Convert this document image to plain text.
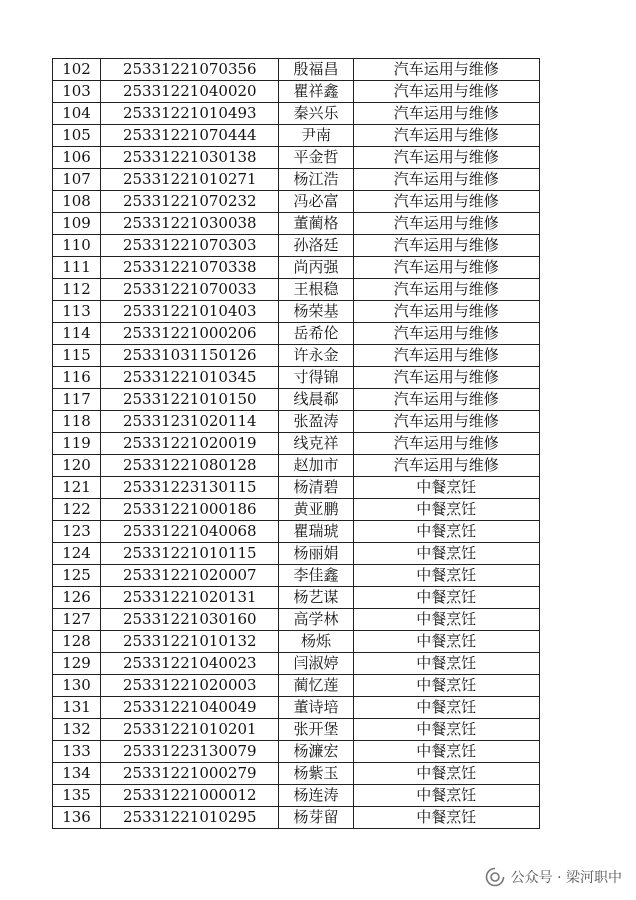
102	25331221070356	殷福昌	汽车运用与维修
103	25331221040020	瞿祥鑫	汽车运用与维修
104	25331221010493	秦兴乐	汽车运用与维修
105	25331221070444	尹南	汽车运用与维修
106	25331221030138	平金哲	汽车运用与维修
107	25331221010271	杨江浩	汽车运用与维修
108	25331221070232	冯必富	汽车运用与维修
109	25331221030038	董蔺格	汽车运用与维修
110	25331221070303	孙洛廷	汽车运用与维修
111	25331221070338	尚丙强	汽车运用与维修
112	25331221070033	王根稳	汽车运用与维修
113	25331221010403	杨荣基	汽车运用与维修
114	25331221000206	岳希伦	汽车运用与维修
115	25331031150126	许永金	汽车运用与维修
116	25331221010345	寸得锦	汽车运用与维修
117	25331221010150	线晨郗	汽车运用与维修
118	25331231020114	张盈涛	汽车运用与维修
119	25331221020019	线克祥	汽车运用与维修
120	25331221080128	赵加市	汽车运用与维修
121	25331223130115	杨清碧	中餐烹饪
122	25331221000186	黄亚鹏	中餐烹饪
123	25331221040068	瞿瑞琥	中餐烹饪
124	25331221010115	杨丽娟	中餐烹饪
125	25331221020007	李佳鑫	中餐烹饪
126	25331221020131	杨艺谋	中餐烹饪
127	25331221030160	高学林	中餐烹饪
128	25331221010132	杨烁	中餐烹饪
129	25331221040023	闫淑婷	中餐烹饪
130	25331221020003	蔺忆莲	中餐烹饪
131	25331221040049	董诗培	中餐烹饪
132	25331221010201	张开堡	中餐烹饪
133	25331223130079	杨濂宏	中餐烹饪
134	25331221000279	杨紫玉	中餐烹饪
135	25331221000012	杨连涛	中餐烹饪
136	25331221010295	杨芽留	中餐烹饪
公众号 · 梁河职中
